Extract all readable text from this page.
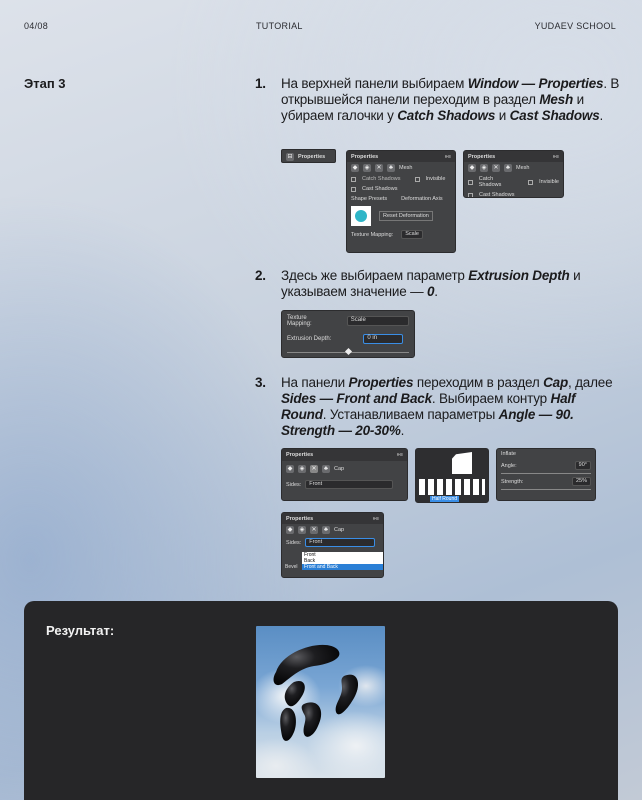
04/08	TUTORIAL	YUDAEV SCHOOL
Этап 3	1. На верхней панели выбираем Window — Properties. В открывшейся панели переходим в раздел Mesh и убираем галочки у Catch Shadows и Cast Shadows.
⊟ Properties	Properties	»≡
◆ ◈ ✕	♣	Mesh
Catch Shadows	Invisible
Cast Shadows
Shape Presets	Deformation Axis
Reset Deformation
Texture Mapping:	Scale
Properties	»≡
◆ ◈ ✕	♣	Mesh
Catch Shadows	Invisible
Cast Shadows
2. Здесь же выбираем параметр Extrusion Depth и указываем значение — 0.
Texture Mapping:
Scale
Extrusion Depth:	0 in
3. На панели Properties переходим в раздел Cap, далее Sides — Front and Back. Выбираем контур Half Round. Устанавливаем параметры Angle — 90. Strength — 20-30%.
Properties	»≡
◆ ◈ ✕	♣	Cap
Sides:	Front
Half Round
Inflate
Angle:	90°
Strength:	25%
Properties	»≡
◆ ◈ ✕	♣	Cap
Sides:	Front
Front
Back
Front and Back
Bevel
Результат:
